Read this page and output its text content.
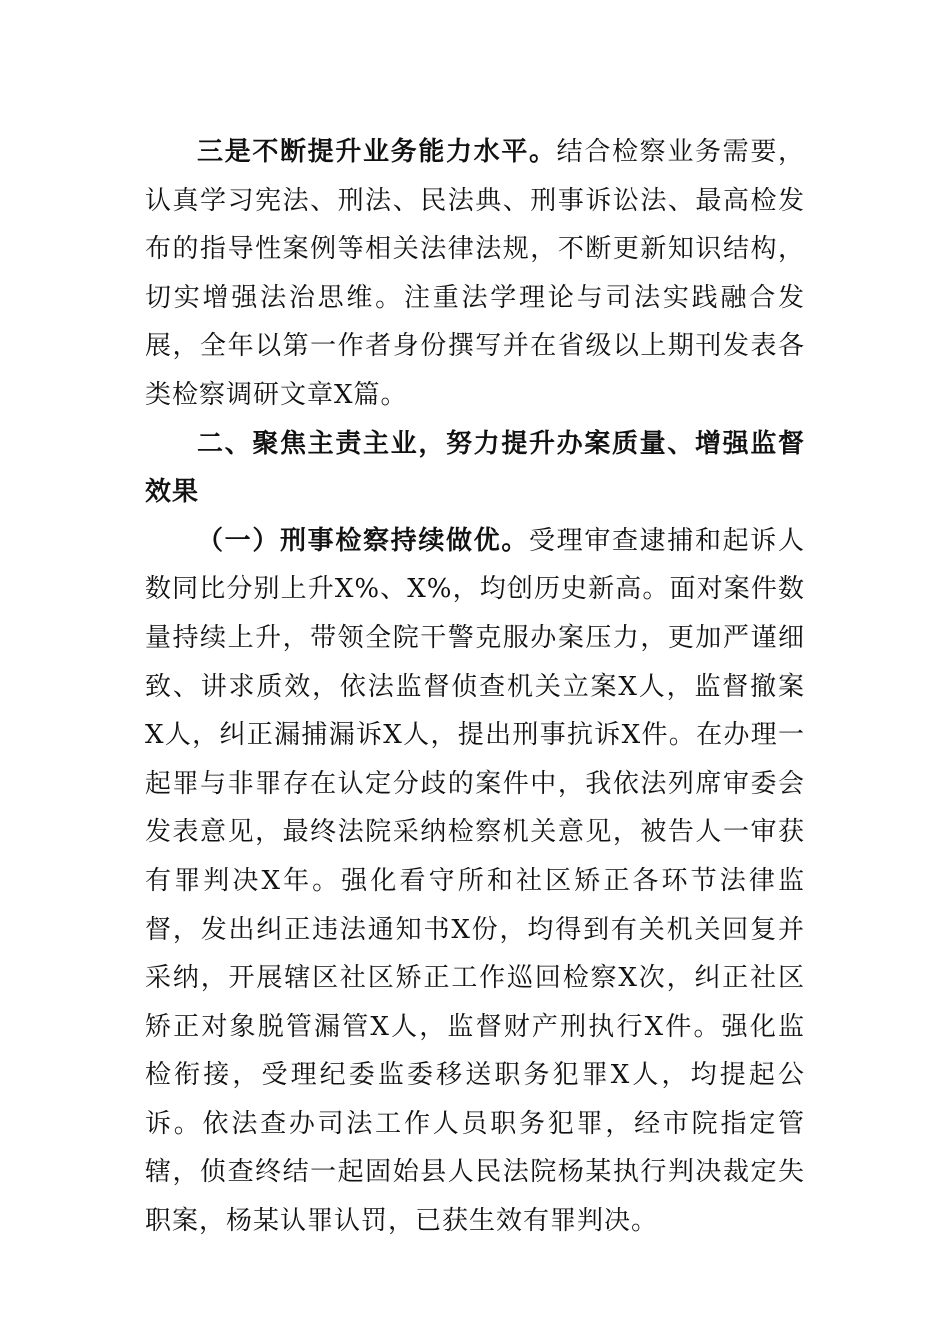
三是不断提升业务能力水平。结合检察业务需要，认真学习宪法、刑法、民法典、刑事诉讼法、最高检发布的指导性案例等相关法律法规，不断更新知识结构，切实增强法治思维。注重法学理论与司法实践融合发展，全年以第一作者身份撰写并在省级以上期刊发表各类检察调研文章X篇。

二、聚焦主责主业，努力提升办案质量、增强监督效果

（一）刑事检察持续做优。受理审查逮捕和起诉人数同比分别上升X%、X%，均创历史新高。面对案件数量持续上升，带领全院干警克服办案压力，更加严谨细致、讲求质效，依法监督侦查机关立案X人，监督撤案X人，纠正漏捕漏诉X人，提出刑事抗诉X件。在办理一起罪与非罪存在认定分歧的案件中，我依法列席审委会发表意见，最终法院采纳检察机关意见，被告人一审获有罪判决X年。强化看守所和社区矫正各环节法律监督，发出纠正违法通知书X份，均得到有关机关回复并采纳，开展辖区社区矫正工作巡回检察X次，纠正社区矫正对象脱管漏管X人，监督财产刑执行X件。强化监检衔接，受理纪委监委移送职务犯罪X人，均提起公诉。依法查办司法工作人员职务犯罪，经市院指定管辖，侦查终结一起固始县人民法院杨某执行判决裁定失职案，杨某认罪认罚，已获生效有罪判决。
